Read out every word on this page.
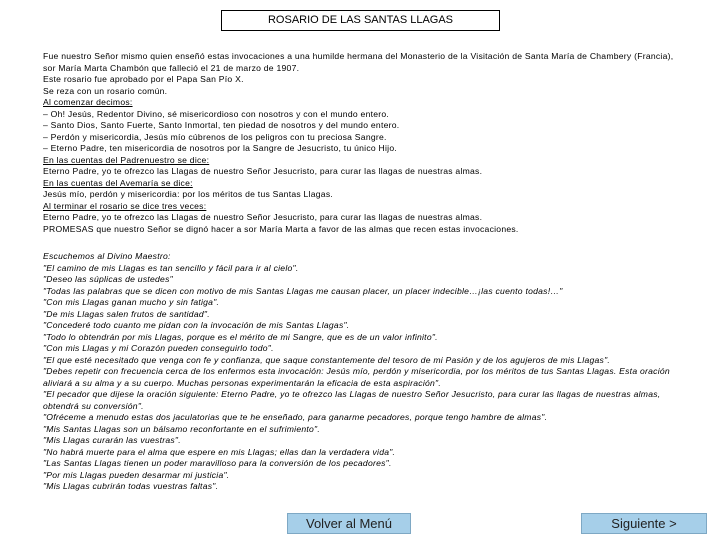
ROSARIO DE LAS SANTAS LLAGAS

Fue nuestro Señor mismo quien enseñó estas invocaciones a una humilde hermana del Monasterio de la Visitación de Santa María de Chambery (Francia), sor María Marta Chambón que falleció el 21 de marzo de 1907.

Este rosario fue aprobado por el Papa San Pío X.

Se reza con un rosario común.

Al comenzar decimos:

– Oh! Jesús, Redentor Divino, sé misericordioso con nosotros y con el mundo entero.

– Santo Dios, Santo Fuerte, Santo Inmortal, ten piedad de nosotros y del mundo entero.

– Perdón y misericordia, Jesús mío cúbrenos de los peligros con tu preciosa Sangre.

– Eterno Padre, ten misericordia de nosotros por la Sangre de Jesucristo, tu único Hijo.

En las cuentas del Padrenuestro se dice:

Eterno Padre, yo te ofrezco las Llagas de nuestro Señor Jesucristo, para curar las llagas de nuestras almas.

En las cuentas del Avemaría se dice:

Jesús mío, perdón y misericordia: por los méritos de tus Santas Llagas.

Al terminar el rosario se dice tres veces:

Eterno Padre, yo te ofrezco las Llagas de nuestro Señor Jesucristo, para curar las llagas de nuestras almas.

PROMESAS que nuestro Señor se dignó hacer a sor María Marta a favor de las almas que recen estas invocaciones.

Escuchemos al Divino Maestro:

"El camino de mis Llagas es tan sencillo y fácil para ir al cielo".

"Deseo las súplicas de ustedes"

"Todas las palabras que se dicen con motivo de mis Santas Llagas me causan placer, un placer indecible…¡las cuento todas!…"

"Con mis Llagas ganan mucho y sin fatiga".

"De mis Llagas salen frutos de santidad".

"Concederé todo cuanto me pidan con la invocación de mis Santas Llagas".

"Todo lo obtendrán por mis Llagas, porque es el mérito de mi Sangre, que es de un valor infinito".

"Con mis Llagas y mi Corazón pueden conseguirlo todo".

"El que esté necesitado que venga con fe y confianza, que saque constantemente del tesoro de mi Pasión y de los agujeros de mis Llagas".

"Debes repetir con frecuencia cerca de los enfermos esta invocación: Jesús mío, perdón y misericordia, por los méritos de tus Santas Llagas. Esta oración aliviará a su alma y a su cuerpo. Muchas personas experimentarán la eficacia de esta aspiración".

"El pecador que dijese la oración siguiente: Eterno Padre, yo te ofrezco las Llagas de nuestro Señor Jesucristo, para curar las llagas de nuestras almas, obtendrá su conversión".

"Ofréceme a menudo estas dos jaculatorias que te he enseñado, para ganarme pecadores, porque tengo hambre de almas".

"Mis Santas Llagas son un bálsamo reconfortante en el sufrimiento".

"Mis Llagas curarán las vuestras".

"No habrá muerte para el alma que espere en mis Llagas; ellas dan la verdadera vida".

"Las Santas Llagas tienen un poder maravilloso para la conversión de los pecadores".

"Por mis Llagas pueden desarmar mi justicia".

"Mis Llagas cubrirán todas vuestras faltas".

Volver al Menú	Siguiente >
